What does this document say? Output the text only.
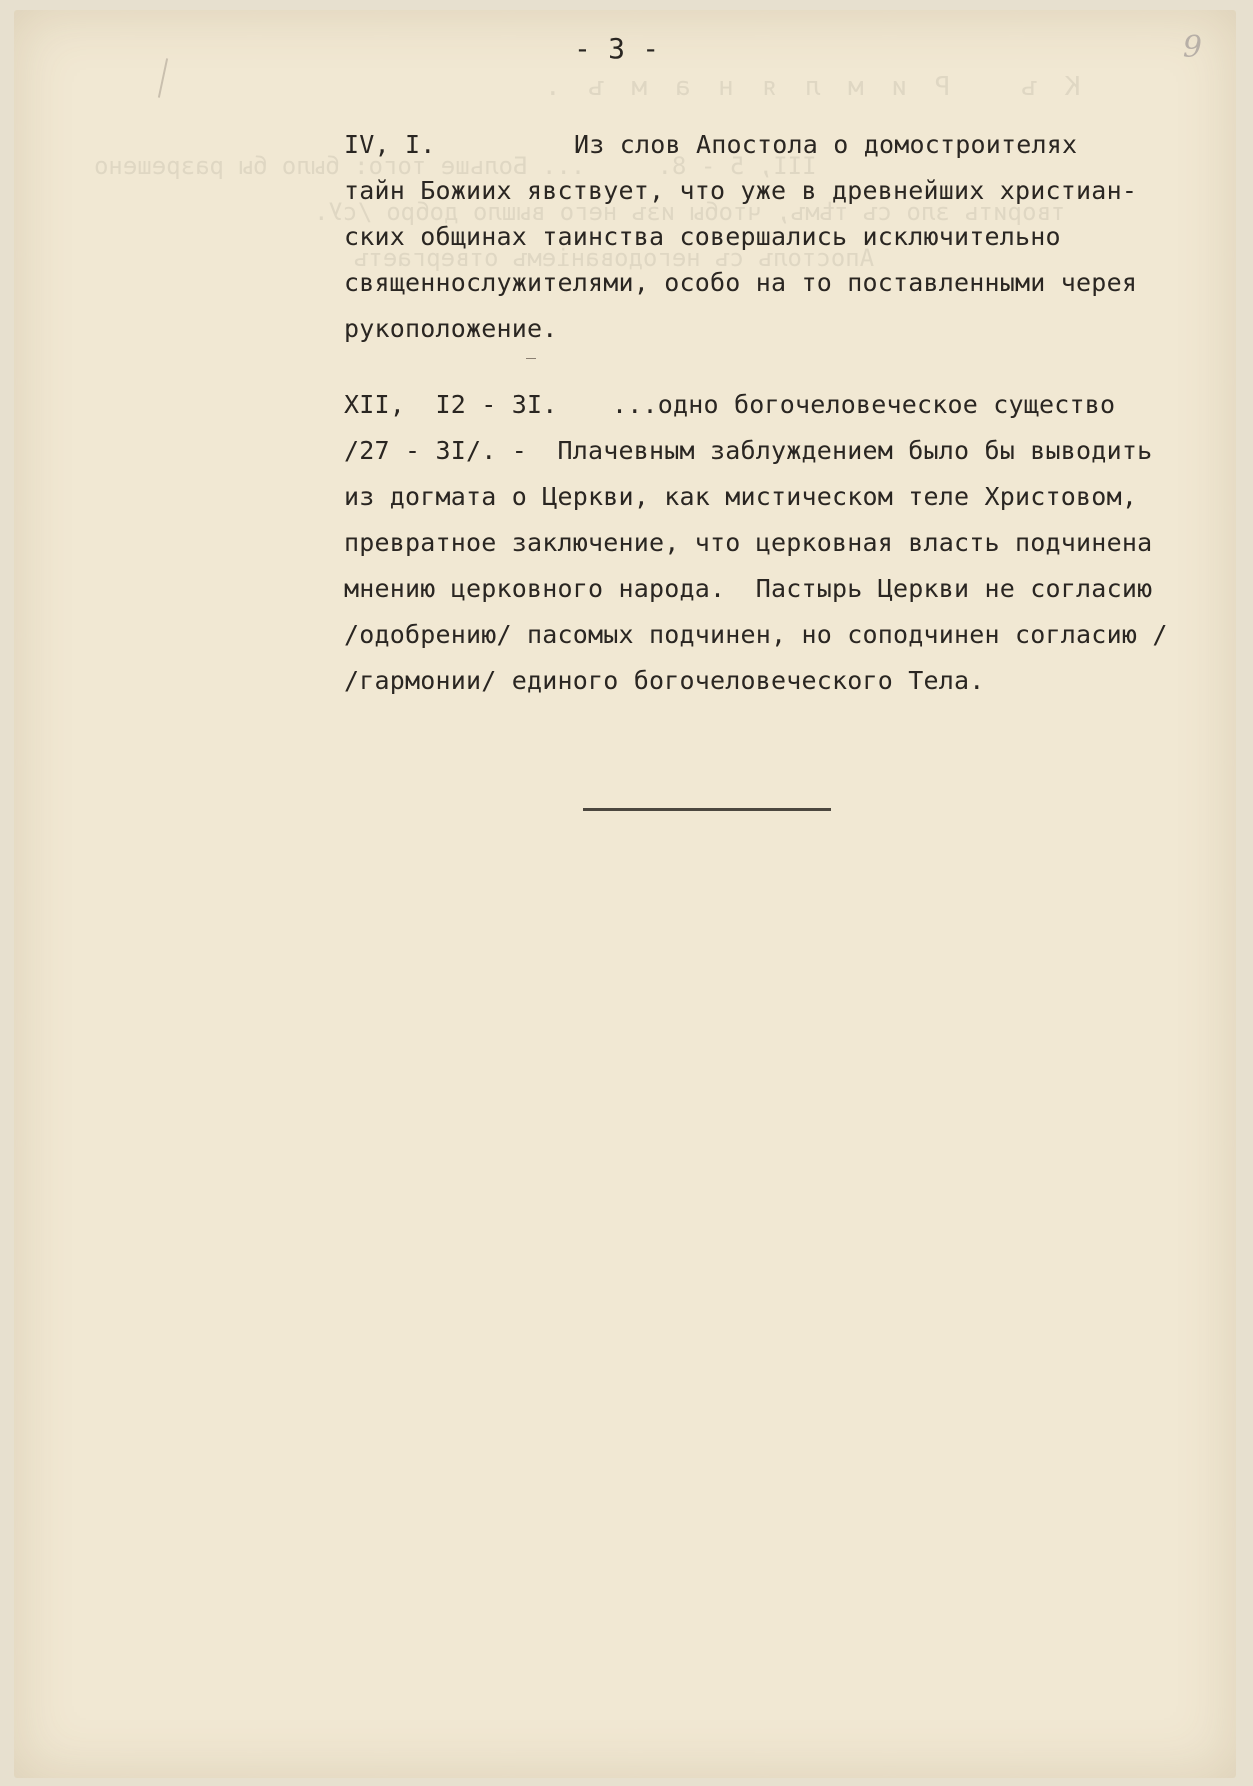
К ъ   Р и м л я н а м ъ .
III, 5 - 8.     ... Больше того: было бы разрешено
творить зло съ тѣмъ, чтобы изъ него вышло добро /сУ.
Апостолъ съ негодованіемъ отвергаетъ
- 3 -	9
IV, I.	Из слов Апостола о домостроителях
тайн Божиих явствует, что уже в древнейших христиан-
ских общинах таинства совершались исключительно
священнослужителями, особо на то поставленными черея
рукоположение.
XII,  I2 - 3I. ...одно богочеловеческое существо
/27 - 3I/. -  Плачевным заблуждением было бы выводить
из догмата о Церкви, как мистическом теле Христовом,
превратное заключение, что церковная власть подчинена
мнению церковного народа.  Пастырь Церкви не согласию
/одобрению/ пасомых подчинен, но соподчинен согласию /
/гармонии/ единого богочеловеческого Тела.
